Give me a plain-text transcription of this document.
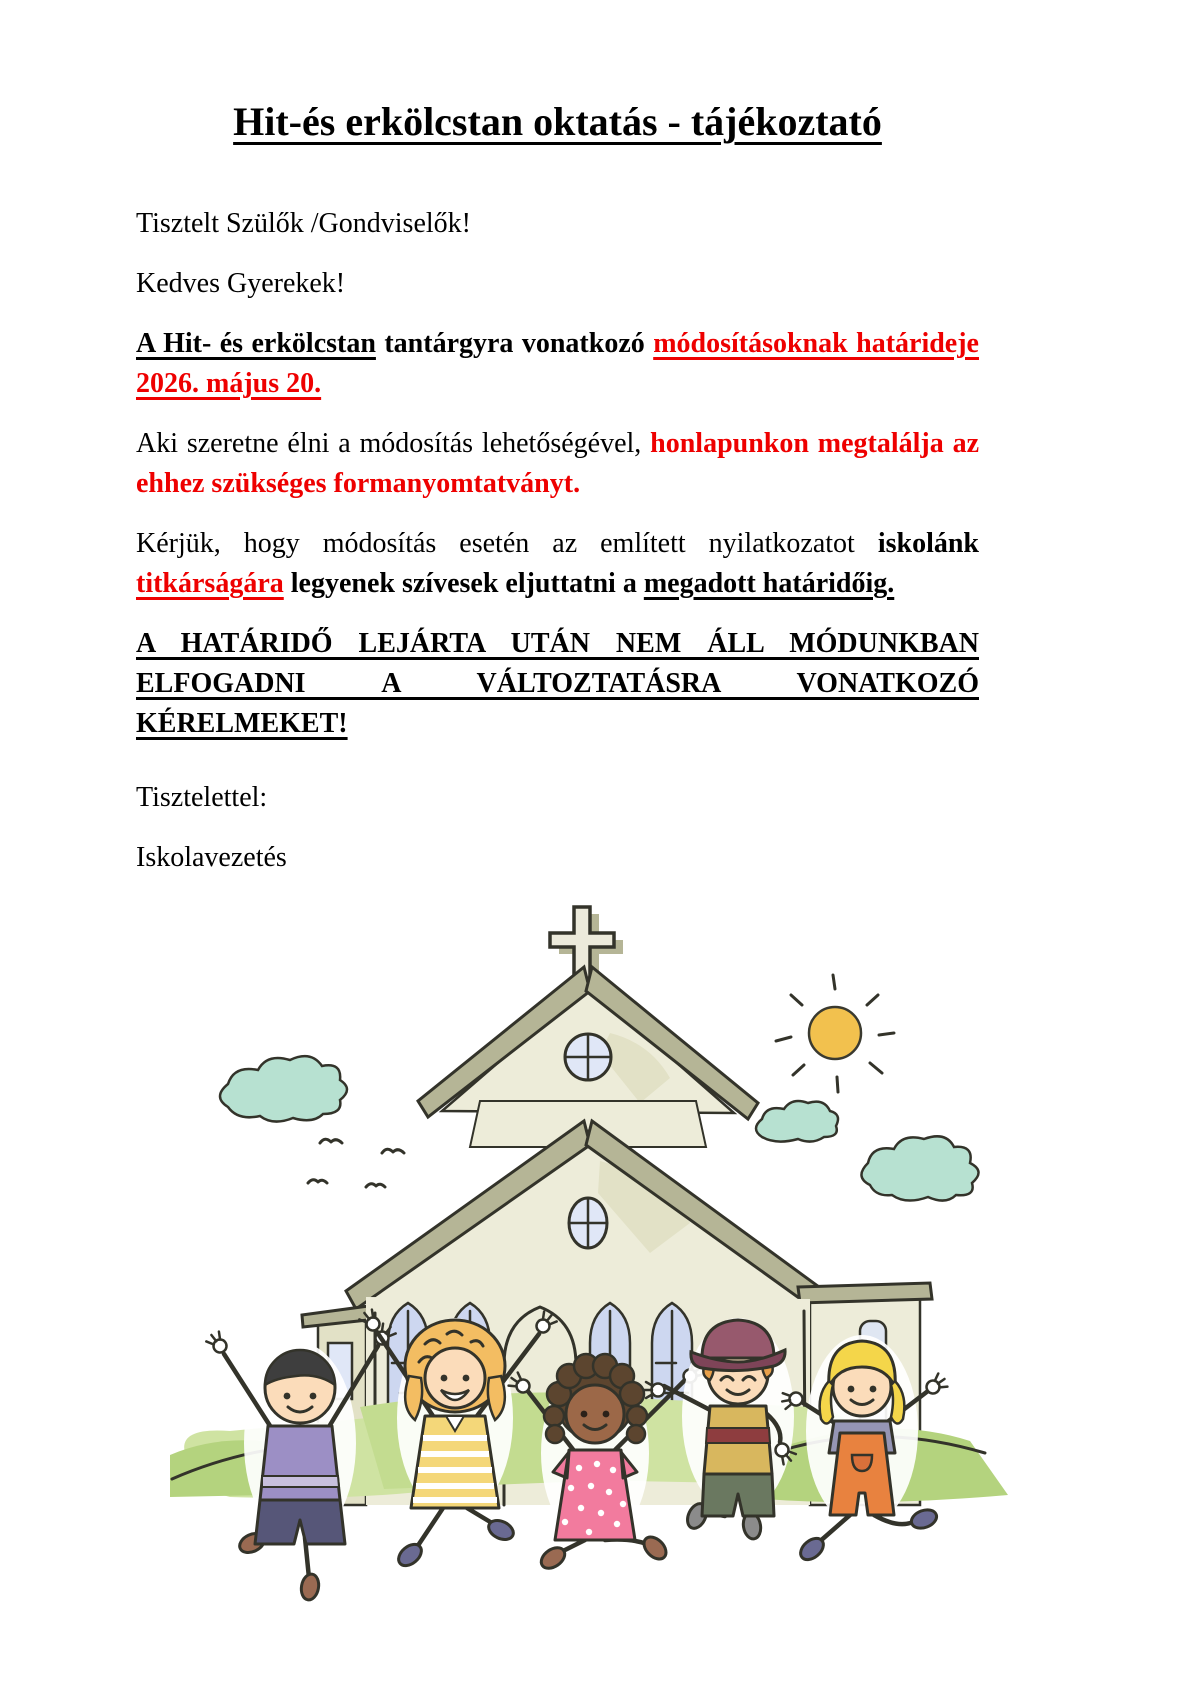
Hit-és erkölcstan oktatás - tájékoztató

Tisztelt Szülők /Gondviselők!

Kedves Gyerekek!

A Hit- és erkölcstan tantárgyra vonatkozó módosításoknak határideje 2026. május 20.

Aki szeretne élni a módosítás lehetőségével, honlapunkon megtalálja az ehhez szükséges formanyomtatványt.

Kérjük, hogy módosítás esetén az említett nyilatkozatot iskolánk titkárságára legyenek szívesek eljuttatni a megadott határidőig.

A HATÁRIDŐ LEJÁRTA UTÁN NEM ÁLL MÓDUNKBAN ELFOGADNI A VÁLTOZTATÁSRA VONATKOZÓ KÉRELMEKET!

Tisztelettel:

Iskolavezetés
